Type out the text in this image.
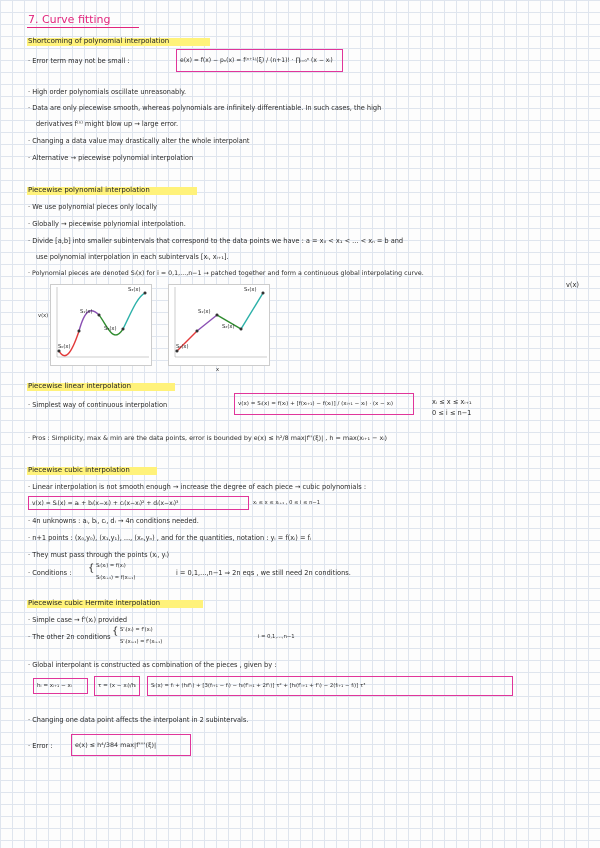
7. Curve fitting
Shortcoming of polynomial interpolation
· Error term may not be small :	e(x) = f(x) − pₙ(x) = f⁽ⁿ⁺¹⁾(ξ) / (n+1)! · ∏ᵢ₌₀ⁿ (x − xᵢ)
· High order polynomials oscillate unreasonably.
· Data are only piecewise smooth, whereas polynomials are infinitely differentiable. In such cases, the high
derivatives f⁽ⁿ⁾ might blow up → large error.
· Changing a data value may drastically alter the whole interpolant
· Alternative → piecewise polynomial interpolation
Piecewise polynomial interpolation
· We use polynomial pieces only locally
· Globally → piecewise polynomial interpolation.
· Divide [a,b] into smaller subintervals that correspond to the data points we have : a = x₀ < x₁ < ... < xₙ = b and
use polynomial interpolation in each subintervals [xᵢ, xᵢ₊₁].
· Polynomial pieces are denoted Sᵢ(x) for i = 0,1,...,n−1 → patched together and form a continuous global interpolating curve.
v(x)
S₀(x)
S₁(x)
S₂(x)
S₃(x)
v(x)
S₀(x)
S₁(x)
S₂(x)
S₃(x)
x
Piecewise linear interpolation
· Simplest way of continuous interpolation	v(x) = Sᵢ(x) = f(xᵢ) + [f(xᵢ₊₁) − f(xᵢ)] / (xᵢ₊₁ − xᵢ) · (x − xᵢ)	xᵢ ≤ x ≤ xᵢ₊₁
0 ≤ i ≤ n−1
· Pros : Simplicity, max & min are the data points, error is bounded by e(x) ≤ h²/8 max|f''(ξ)| , h = max(xᵢ₊₁ − xᵢ)
Piecewise cubic interpolation
· Linear interpolation is not smooth enough → increase the degree of each piece → cubic polynomials :
v(x) = Sᵢ(x) = aᵢ + bᵢ(x−xᵢ) + cᵢ(x−xᵢ)² + dᵢ(x−xᵢ)³	xᵢ ≤ x ≤ xᵢ₊₁ , 0 ≤ i ≤ n−1
· 4n unknowns : aᵢ, bᵢ, cᵢ, dᵢ → 4n conditions needed.
· n+1 points : (x₀,y₀), (x₁,y₁), ..., (xₙ,yₙ) , and for the quantities, notation : yᵢ = f(xᵢ) = fᵢ
· They must pass through the points (xᵢ, yᵢ)
· Conditions : { Sᵢ(xᵢ) = f(xᵢ)
Sᵢ(xᵢ₊₁) = f(xᵢ₊₁)
i = 0,1,...,n−1 ⇒ 2n eqs , we still need 2n conditions.
Piecewise cubic Hermite interpolation
· Simple case → f'(xᵢ) provided
· The other 2n conditions { S'ᵢ(xᵢ) = f'(xᵢ)
S'ᵢ(xᵢ₊₁) = f'(xᵢ₊₁)
i = 0,1,...,n−1
· Global interpolant is constructed as combination of the pieces , given by :
hᵢ = xᵢ₊₁ − xᵢ	τ = (x − xᵢ)/hᵢ	Sᵢ(x) = fᵢ + (hᵢf'ᵢ) + [3(fᵢ₊₁ − fᵢ) − hᵢ(f'ᵢ₊₁ + 2f'ᵢ)] τ² + [hᵢ(f'ᵢ₊₁ + f'ᵢ) − 2(fᵢ₊₁ − fᵢ)] τ³
· Changing one data point affects the interpolant in 2 subintervals.
· Error :	e(x) ≤ h⁴/384 max|f''''(ξ)|
